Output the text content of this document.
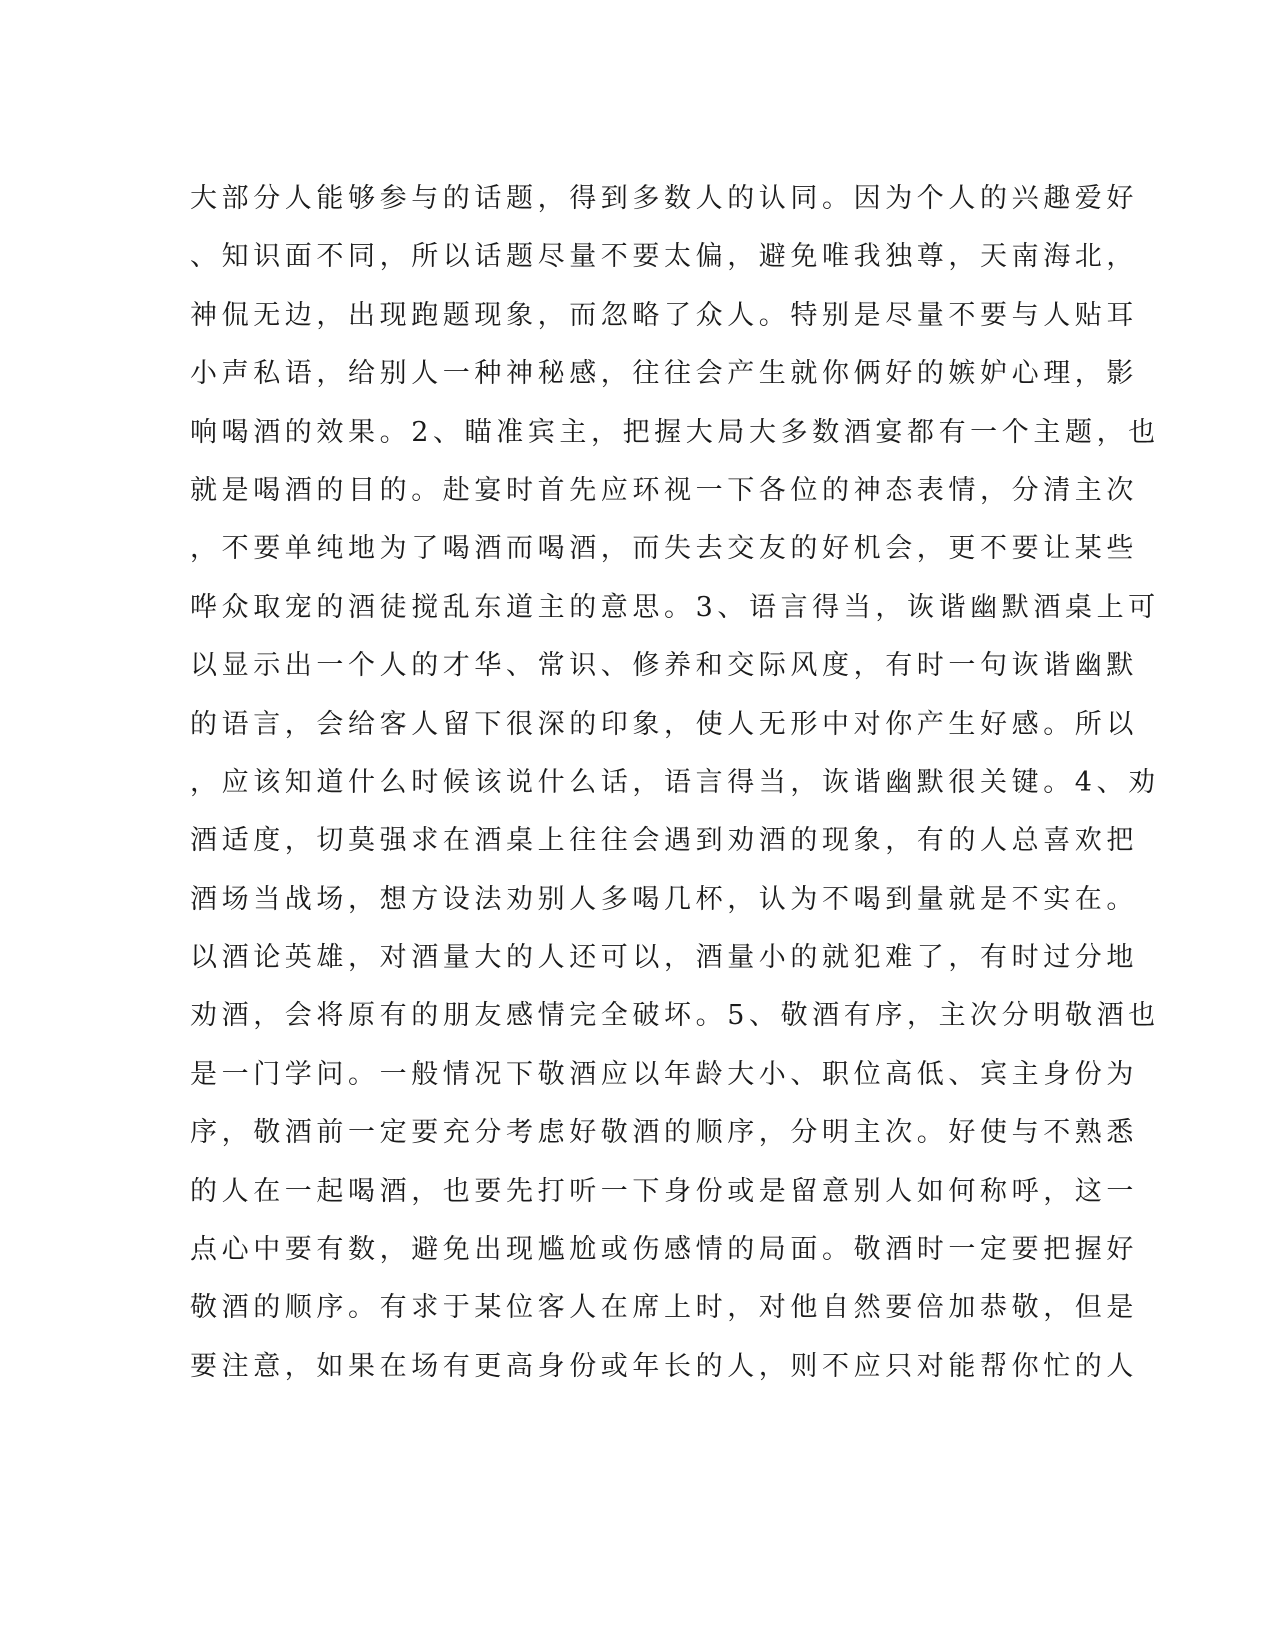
大部分人能够参与的话题，得到多数人的认同。因为个人的兴趣爱好
、知识面不同，所以话题尽量不要太偏，避免唯我独尊，天南海北，
神侃无边，出现跑题现象，而忽略了众人。特别是尽量不要与人贴耳
小声私语，给别人一种神秘感，往往会产生就你俩好的嫉妒心理，影
响喝酒的效果。2、瞄准宾主，把握大局大多数酒宴都有一个主题，也
就是喝酒的目的。赴宴时首先应环视一下各位的神态表情，分清主次
，不要单纯地为了喝酒而喝酒，而失去交友的好机会，更不要让某些
哗众取宠的酒徒搅乱东道主的意思。3、语言得当，诙谐幽默酒桌上可
以显示出一个人的才华、常识、修养和交际风度，有时一句诙谐幽默
的语言，会给客人留下很深的印象，使人无形中对你产生好感。所以
，应该知道什么时候该说什么话，语言得当，诙谐幽默很关键。4、劝
酒适度，切莫强求在酒桌上往往会遇到劝酒的现象，有的人总喜欢把
酒场当战场，想方设法劝别人多喝几杯，认为不喝到量就是不实在。
以酒论英雄，对酒量大的人还可以，酒量小的就犯难了，有时过分地
劝酒，会将原有的朋友感情完全破坏。5、敬酒有序，主次分明敬酒也
是一门学问。一般情况下敬酒应以年龄大小、职位高低、宾主身份为
序，敬酒前一定要充分考虑好敬酒的顺序，分明主次。好使与不熟悉
的人在一起喝酒，也要先打听一下身份或是留意别人如何称呼，这一
点心中要有数，避免出现尴尬或伤感情的局面。敬酒时一定要把握好
敬酒的顺序。有求于某位客人在席上时，对他自然要倍加恭敬，但是
要注意，如果在场有更高身份或年长的人，则不应只对能帮你忙的人
